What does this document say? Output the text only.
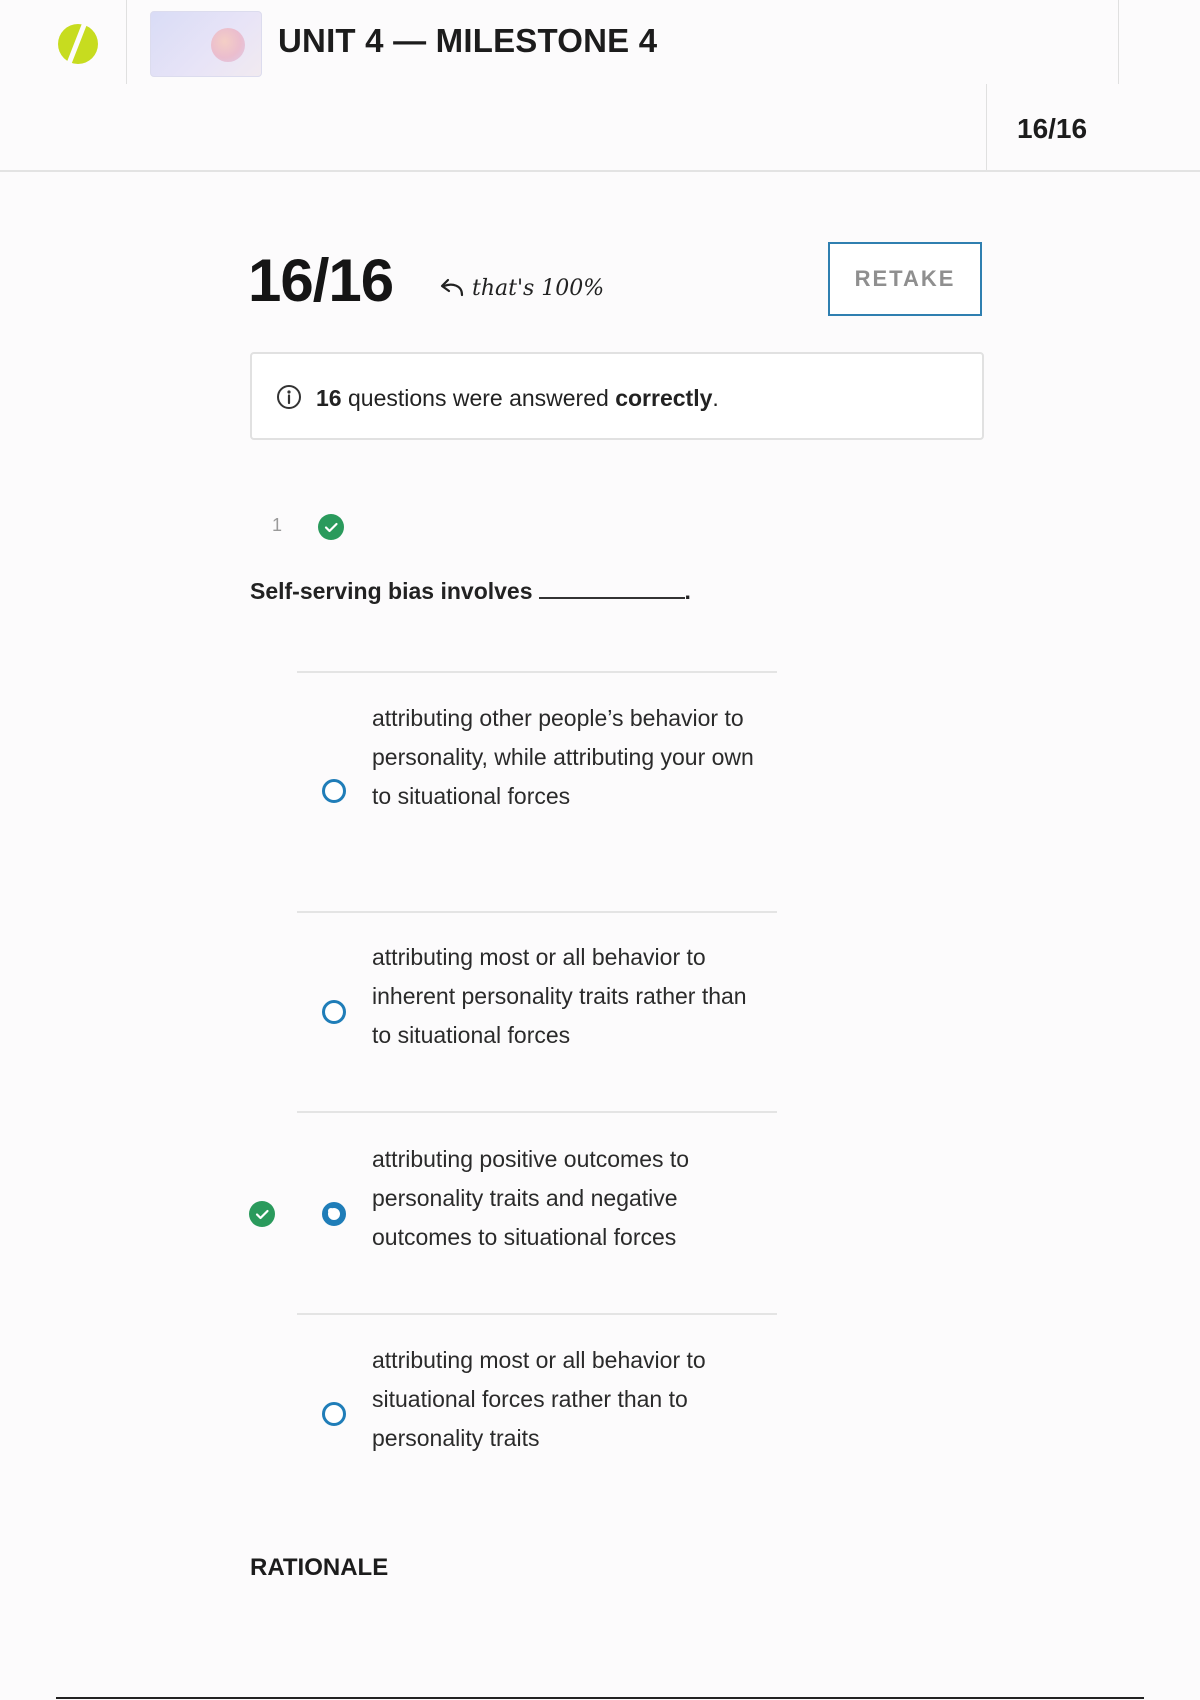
UNIT 4 — MILESTONE 4
16/16
16/16	that's 100%	RETAKE
16 questions were answered correctly.
1
Self-serving bias involves	.
attributing other people’s behavior to personality, while attributing your own to situational forces
attributing most or all behavior to inherent personality traits rather than to situational forces
attributing positive outcomes to personality traits and negative outcomes to situational forces
attributing most or all behavior to situational forces rather than to personality traits
RATIONALE
